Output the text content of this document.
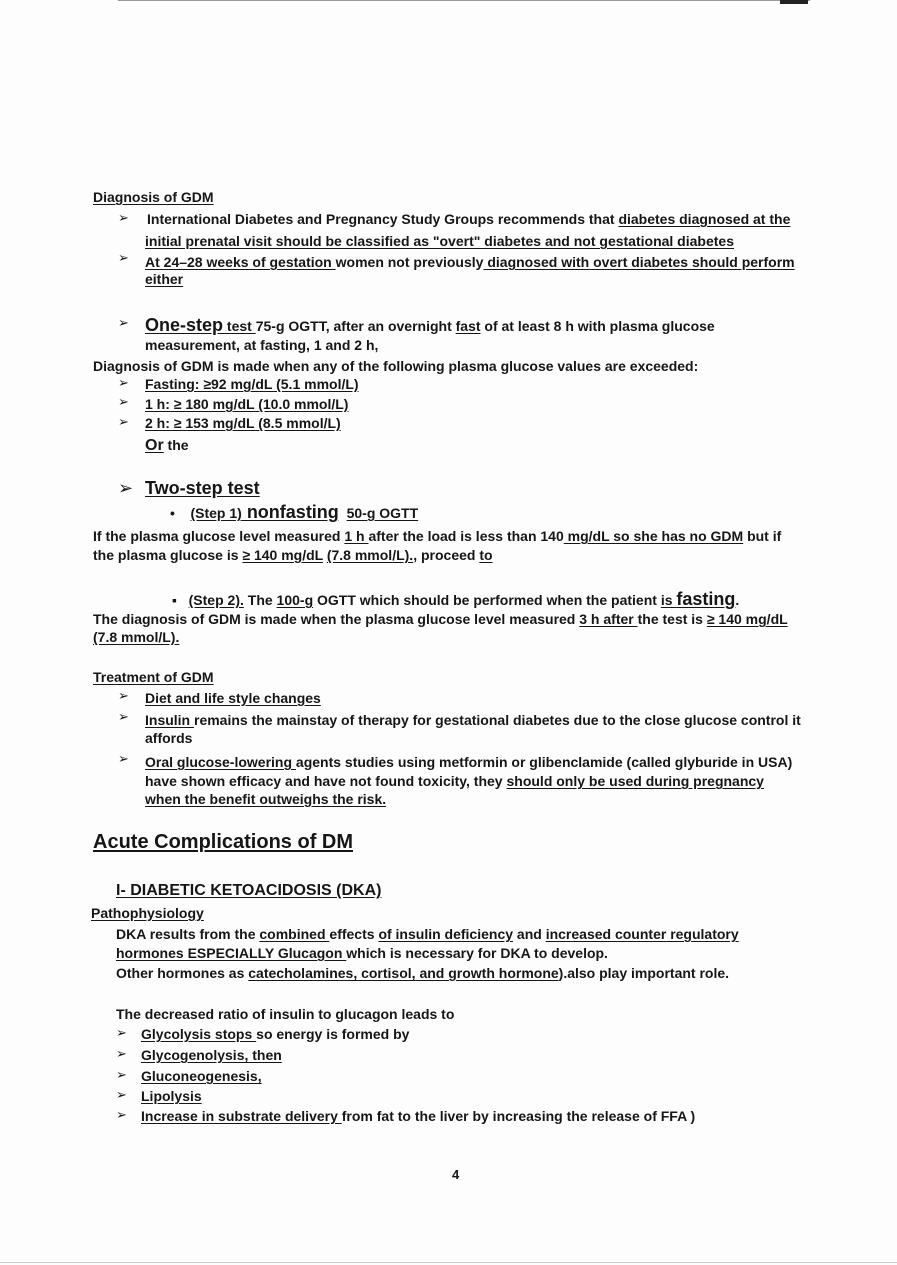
Diagnosis of GDM
➢ International Diabetes and Pregnancy Study Groups recommends that diabetes diagnosed at the
initial prenatal visit should be classified as "overt" diabetes and not gestational diabetes
➢ At 24–28 weeks of gestation women not previously diagnosed with overt diabetes should perform
either
➢ One-step test 75-g OGTT, after an overnight fast of at least 8 h with plasma glucose
measurement, at fasting, 1 and 2 h,
Diagnosis of GDM is made when any of the following plasma glucose values are exceeded:
➢ Fasting: ≥92 mg/dL (5.1 mmol/L)
➢ 1 h: ≥ 180 mg/dL (10.0 mmol/L)
➢ 2 h: ≥ 153 mg/dL (8.5 mmol/L)
Or the
➢ Two-step test
• (Step 1) nonfasting 50-g OGTT
If the plasma glucose level measured 1 h after the load is less than 140 mg/dL so she has no GDM but if
the plasma glucose is ≥ 140 mg/dL (7.8 mmol/L)., proceed to
▪ (Step 2). The 100-g OGTT which should be performed when the patient is fasting.
The diagnosis of GDM is made when the plasma glucose level measured 3 h after the test is ≥ 140 mg/dL
(7.8 mmol/L).
Treatment of GDM
➢ Diet and life style changes
➢ Insulin remains the mainstay of therapy for gestational diabetes due to the close glucose control it
affords
➢ Oral glucose-lowering agents studies using metformin or glibenclamide (called glyburide in USA)
have shown efficacy and have not found toxicity, they should only be used during pregnancy
when the benefit outweighs the risk.
Acute Complications of DM
I- DIABETIC KETOACIDOSIS (DKA)
Pathophysiology
DKA results from the combined effects of insulin deficiency and increased counter regulatory
hormones ESPECIALLY Glucagon which is necessary for DKA to develop.
Other hormones as catecholamines, cortisol, and growth hormone).also play important role.
The decreased ratio of insulin to glucagon leads to
➢ Glycolysis stops so energy is formed by
➢ Glycogenolysis, then
➢ Gluconeogenesis,
➢ Lipolysis
➢ Increase in substrate delivery from fat to the liver by increasing the release of FFA )
4
